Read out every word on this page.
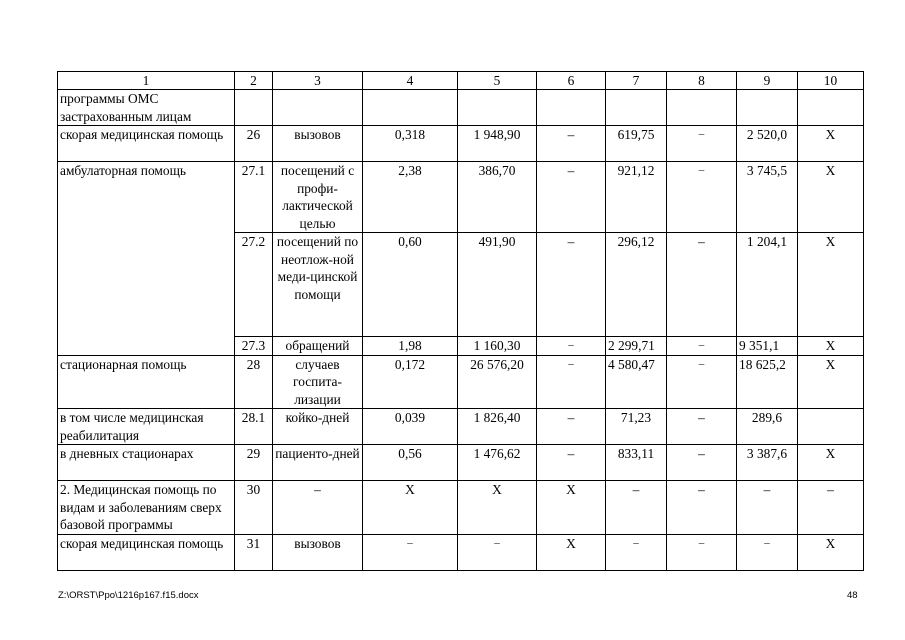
1	2	3	4	5	6	7	8	9	10
программы ОМС застрахованным лицам									
скорая медицинская помощь	26	вызовов	0,318	1 948,90	–	619,75	–	2 520,0	Х
амбулаторная помощь	27.1	посещений с профи-лактической целью	2,38	386,70	–	921,12	–	3 745,5	Х
	27.2	посещений по неотлож-ной меди-цинской помощи	0,60	491,90	–	296,12	–	1 204,1	Х
	27.3	обращений	1,98	1 160,30	–	2 299,71	–	9 351,1	Х
стационарная помощь	28	случаев госпита-лизации	0,172	26 576,20	–	4 580,47	–	18 625,2	Х
в том числе медицинская реабилитация	28.1	койко-дней	0,039	1 826,40	–	71,23	–	289,6	
в дневных стационарах	29	пациенто-дней	0,56	1 476,62	–	833,11	–	3 387,6	Х
2. Медицинская помощь по видам и заболеваниям сверх базовой программы	30	–	Х	Х	Х	–	–	–	–
скорая медицинская помощь	31	вызовов	–	–	Х	–	–	–	Х
Z:\ORST\Ppo\1216p167.f15.docx	48
